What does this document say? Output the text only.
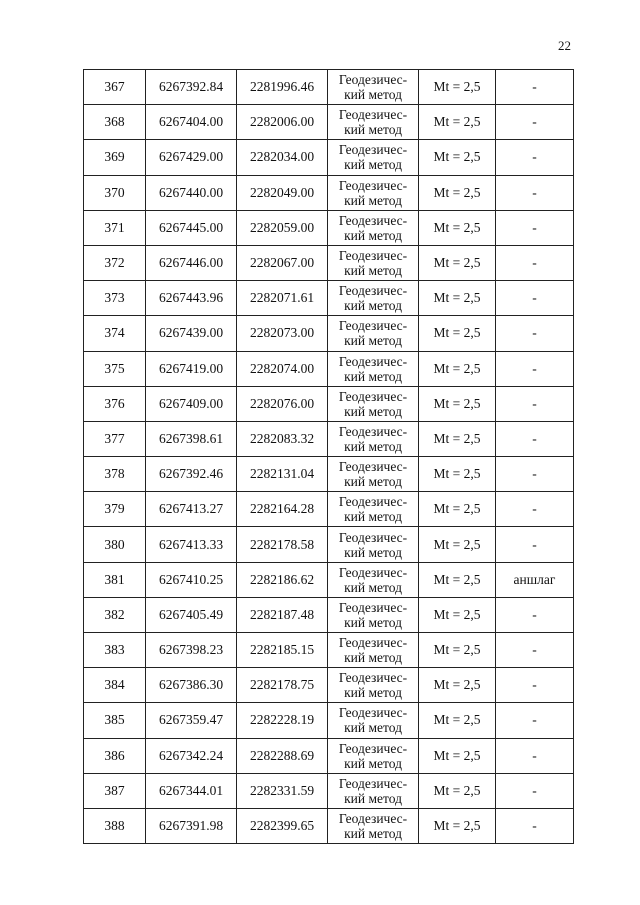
22
367	6267392.84	2281996.46	Геодезичес-
кий метод	Mt = 2,5	-
368	6267404.00	2282006.00	Геодезичес-
кий метод	Mt = 2,5	-
369	6267429.00	2282034.00	Геодезичес-
кий метод	Mt = 2,5	-
370	6267440.00	2282049.00	Геодезичес-
кий метод	Mt = 2,5	-
371	6267445.00	2282059.00	Геодезичес-
кий метод	Mt = 2,5	-
372	6267446.00	2282067.00	Геодезичес-
кий метод	Mt = 2,5	-
373	6267443.96	2282071.61	Геодезичес-
кий метод	Mt = 2,5	-
374	6267439.00	2282073.00	Геодезичес-
кий метод	Mt = 2,5	-
375	6267419.00	2282074.00	Геодезичес-
кий метод	Mt = 2,5	-
376	6267409.00	2282076.00	Геодезичес-
кий метод	Mt = 2,5	-
377	6267398.61	2282083.32	Геодезичес-
кий метод	Mt = 2,5	-
378	6267392.46	2282131.04	Геодезичес-
кий метод	Mt = 2,5	-
379	6267413.27	2282164.28	Геодезичес-
кий метод	Mt = 2,5	-
380	6267413.33	2282178.58	Геодезичес-
кий метод	Mt = 2,5	-
381	6267410.25	2282186.62	Геодезичес-
кий метод	Mt = 2,5	аншлаг
382	6267405.49	2282187.48	Геодезичес-
кий метод	Mt = 2,5	-
383	6267398.23	2282185.15	Геодезичес-
кий метод	Mt = 2,5	-
384	6267386.30	2282178.75	Геодезичес-
кий метод	Mt = 2,5	-
385	6267359.47	2282228.19	Геодезичес-
кий метод	Mt = 2,5	-
386	6267342.24	2282288.69	Геодезичес-
кий метод	Mt = 2,5	-
387	6267344.01	2282331.59	Геодезичес-
кий метод	Mt = 2,5	-
388	6267391.98	2282399.65	Геодезичес-
кий метод	Mt = 2,5	-
